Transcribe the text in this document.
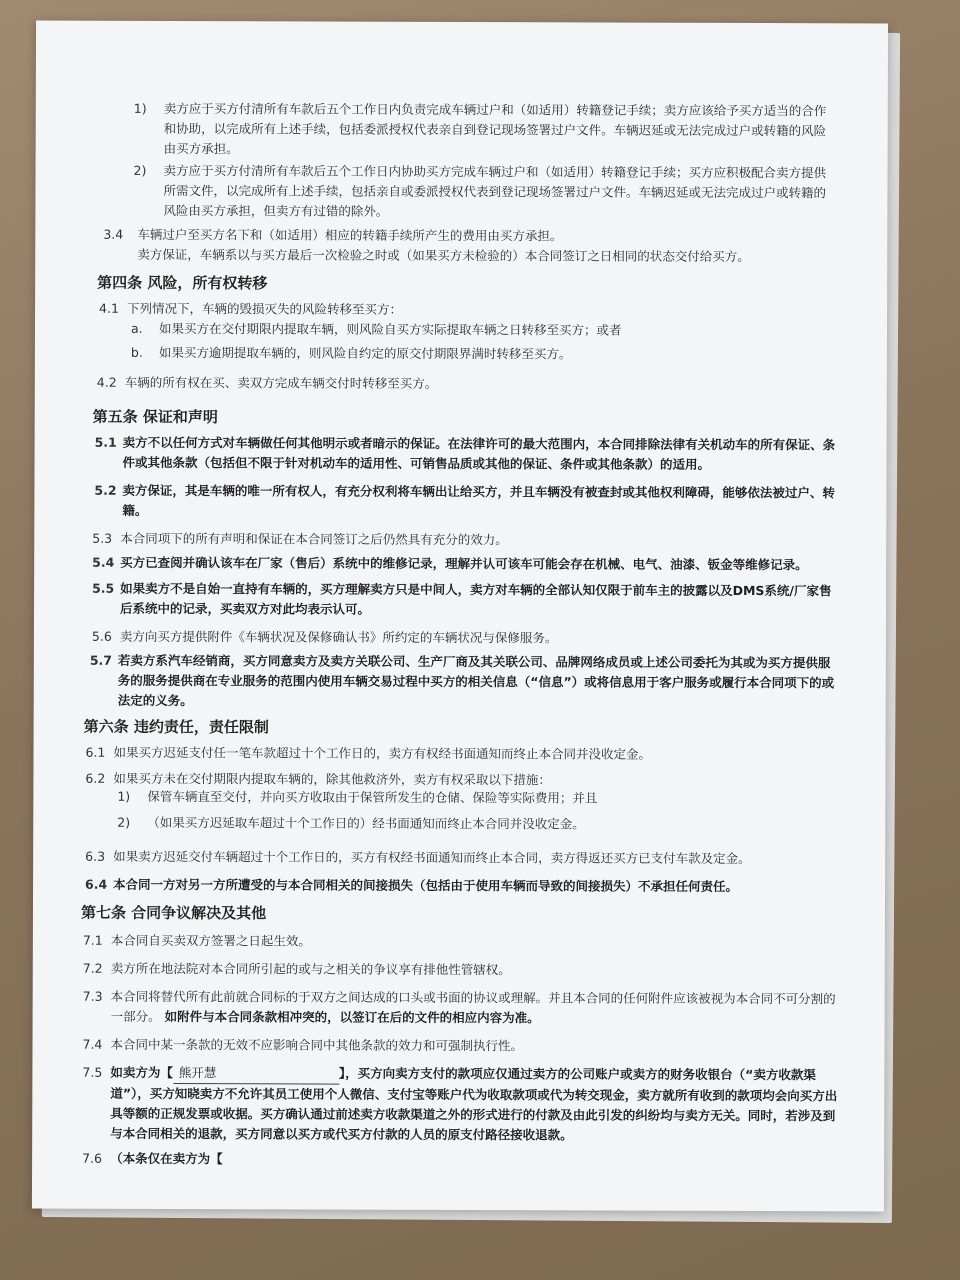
1) 卖方应于买方付清所有车款后五个工作日内负责完成车辆过户和（如适用）转籍登记手续；卖方应该给予买方适当的合作和协助，以完成所有上述手续，包括委派授权代表亲自到登记现场签署过户文件。车辆迟延或无法完成过户或转籍的风险由买方承担。
2) 卖方应于买方付清所有车款后五个工作日内协助买方完成车辆过户和（如适用）转籍登记手续；买方应积极配合卖方提供所需文件，以完成所有上述手续，包括亲自或委派授权代表到登记现场签署过户文件。车辆迟延或无法完成过户或转籍的风险由买方承担，但卖方有过错的除外。
3.4 车辆过户至买方名下和（如适用）相应的转籍手续所产生的费用由买方承担。
卖方保证，车辆系以与买方最后一次检验之时或（如果买方未检验的）本合同签订之日相同的状态交付给买方。
第四条 风险，所有权转移
4.1 下列情况下，车辆的毁损灭失的风险转移至买方：
a. 如果买方在交付期限内提取车辆，则风险自买方实际提取车辆之日转移至买方；或者
b. 如果买方逾期提取车辆的，则风险自约定的原交付期限界满时转移至买方。
4.2 车辆的所有权在买、卖双方完成车辆交付时转移至买方。
第五条 保证和声明
5.1 卖方不以任何方式对车辆做任何其他明示或者暗示的保证。在法律许可的最大范围内，本合同排除法律有关机动车的所有保证、条件或其他条款（包括但不限于针对机动车的适用性、可销售品质或其他的保证、条件或其他条款）的适用。
5.2 卖方保证，其是车辆的唯一所有权人，有充分权利将车辆出让给买方，并且车辆没有被查封或其他权利障碍，能够依法被过户、转籍。
5.3 本合同项下的所有声明和保证在本合同签订之后仍然具有充分的效力。
5.4 买方已查阅并确认该车在厂家（售后）系统中的维修记录，理解并认可该车可能会存在机械、电气、油漆、钣金等维修记录。
5.5 如果卖方不是自始一直持有车辆的，买方理解卖方只是中间人，卖方对车辆的全部认知仅限于前车主的披露以及DMS系统/厂家售后系统中的记录，买卖双方对此均表示认可。
5.6 卖方向买方提供附件《车辆状况及保修确认书》所约定的车辆状况与保修服务。
5.7 若卖方系汽车经销商，买方同意卖方及卖方关联公司、生产厂商及其关联公司、品牌网络成员或上述公司委托为其或为买方提供服务的服务提供商在专业服务的范围内使用车辆交易过程中买方的相关信息（“信息”）或将信息用于客户服务或履行本合同项下的或法定的义务。
第六条 违约责任，责任限制
6.1 如果买方迟延支付任一笔车款超过十个工作日的，卖方有权经书面通知而终止本合同并没收定金。
6.2 如果买方未在交付期限内提取车辆的，除其他救济外，卖方有权采取以下措施：
1) 保管车辆直至交付，并向买方收取由于保管所发生的仓储、保险等实际费用；并且
2) （如果买方迟延取车超过十个工作日的）经书面通知而终止本合同并没收定金。
6.3 如果卖方迟延交付车辆超过十个工作日的，买方有权经书面通知而终止本合同，卖方得返还买方已支付车款及定金。
6.4 本合同一方对另一方所遭受的与本合同相关的间接损失（包括由于使用车辆而导致的间接损失）不承担任何责任。
第七条 合同争议解决及其他
7.1 本合同自买卖双方签署之日起生效。
7.2 卖方所在地法院对本合同所引起的或与之相关的争议享有排他性管辖权。
7.3 本合同将替代所有此前就合同标的于双方之间达成的口头或书面的协议或理解。并且本合同的任何附件应该被视为本合同不可分割的一部分。 如附件与本合同条款相冲突的，以签订在后的文件的相应内容为准。
7.4 本合同中某一条款的无效不应影响合同中其他条款的效力和可强制执行性。
7.5 如卖方为【 熊开慧	】，买方向卖方支付的款项应仅通过卖方的公司账户或卖方的财务收银台（“卖方收款渠道”），买方知晓卖方不允许其员工使用个人微信、支付宝等账户代为收取款项或代为转交现金，卖方就所有收到的款项均会向买方出具等额的正规发票或收据。买方确认通过前述卖方收款渠道之外的形式进行的付款及由此引发的纠纷均与卖方无关。同时，若涉及到与本合同相关的退款，买方同意以买方或代买方付款的人员的原支付路径接收退款。
7.6 （本条仅在卖方为【
